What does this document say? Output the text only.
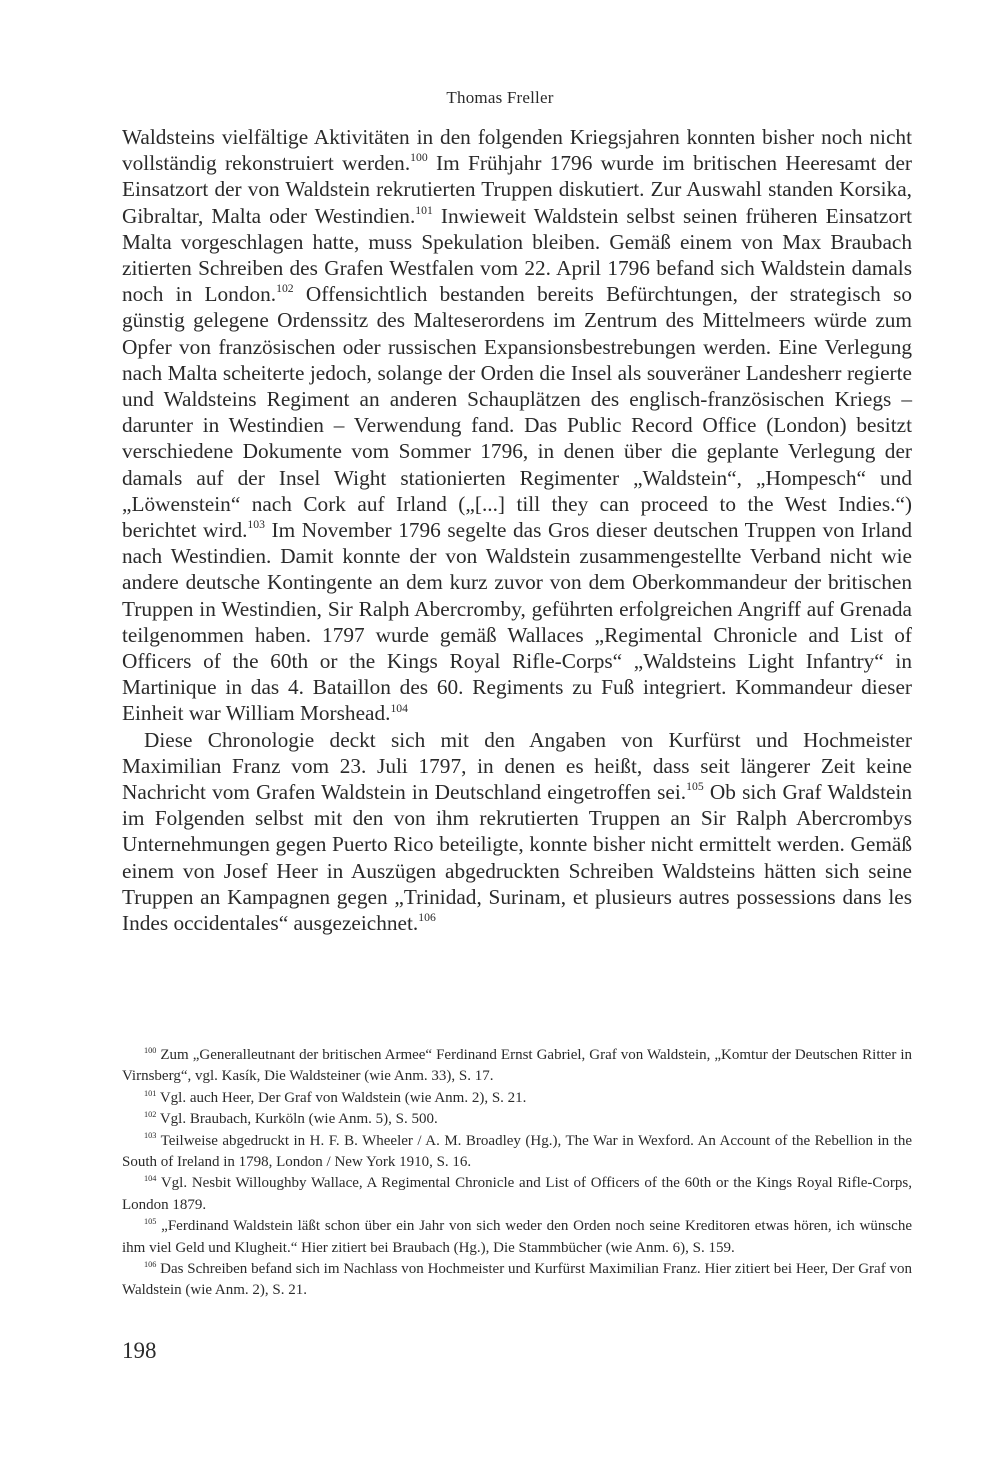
Thomas Freller

Waldsteins vielfältige Aktivitäten in den folgenden Kriegsjahren konnten bisher noch nicht vollständig rekonstruiert werden.$^{100}$ Im Frühjahr 1796 wurde im britischen Heeresamt der Einsatzort der von Waldstein rekrutierten Truppen diskutiert. Zur Auswahl standen Korsika, Gibraltar, Malta oder Westindien.$^{101}$ Inwieweit Waldstein selbst seinen früheren Einsatzort Malta vorgeschlagen hatte, muss Spekulation bleiben. Gemäß einem von Max Braubach zitierten Schreiben des Grafen Westfalen vom 22. April 1796 befand sich Waldstein damals noch in London.$^{102}$ Offensichtlich bestanden bereits Befürchtungen, der strategisch so günstig gelegene Ordenssitz des Malteserordens im Zentrum des Mittelmeers würde zum Opfer von französischen oder russischen Expansionsbestrebungen werden. Eine Verlegung nach Malta scheiterte jedoch, solange der Orden die Insel als souveräner Landesherr regierte und Waldsteins Regiment an anderen Schauplätzen des englisch-französischen Kriegs – darunter in Westindien – Verwendung fand. Das Public Record Office (London) besitzt verschiedene Dokumente vom Sommer 1796, in denen über die geplante Verlegung der damals auf der Insel Wight stationierten Regimenter „Waldstein“, „Hompesch“ und „Löwenstein“ nach Cork auf Irland („[...] till they can proceed to the West Indies.“) berichtet wird.$^{103}$ Im November 1796 segelte das Gros dieser deutschen Truppen von Irland nach Westindien. Damit konnte der von Waldstein zusammengestellte Verband nicht wie andere deutsche Kontingente an dem kurz zuvor von dem Oberkommandeur der britischen Truppen in Westindien, Sir Ralph Abercromby, geführten erfolgreichen Angriff auf Grenada teilgenommen haben. 1797 wurde gemäß Wallaces „Regimental Chronicle and List of Officers of the 60th or the Kings Royal Rifle-Corps“ „Waldsteins Light Infantry“ in Martinique in das 4. Bataillon des 60. Regiments zu Fuß integriert. Kommandeur dieser Einheit war William Morshead.$^{104}$

Diese Chronologie deckt sich mit den Angaben von Kurfürst und Hochmeister Maximilian Franz vom 23. Juli 1797, in denen es heißt, dass seit längerer Zeit keine Nachricht vom Grafen Waldstein in Deutschland eingetroffen sei.$^{105}$ Ob sich Graf Waldstein im Folgenden selbst mit den von ihm rekrutierten Truppen an Sir Ralph Abercrombys Unternehmungen gegen Puerto Rico beteiligte, konnte bisher nicht ermittelt werden. Gemäß einem von Josef Heer in Auszügen abgedruckten Schreiben Waldsteins hätten sich seine Truppen an Kampagnen gegen „Trinidad, Surinam, et plusieurs autres possessions dans les Indes occidentales“ ausgezeichnet.$^{106}$

$^{100}$ Zum „Generalleutnant der britischen Armee“ Ferdinand Ernst Gabriel, Graf von Waldstein, „Komtur der Deutschen Ritter in Virnsberg“, vgl. Kasík, Die Waldsteiner (wie Anm. 33), S. 17.

$^{101}$ Vgl. auch Heer, Der Graf von Waldstein (wie Anm. 2), S. 21.

$^{102}$ Vgl. Braubach, Kurköln (wie Anm. 5), S. 500.

$^{103}$ Teilweise abgedruckt in H. F. B. Wheeler / A. M. Broadley (Hg.), The War in Wexford. An Account of the Rebellion in the South of Ireland in 1798, London / New York 1910, S. 16.

$^{104}$ Vgl. Nesbit Willoughby Wallace, A Regimental Chronicle and List of Officers of the 60th or the Kings Royal Rifle-Corps, London 1879.

$^{105}$ „Ferdinand Waldstein läßt schon über ein Jahr von sich weder den Orden noch seine Kreditoren etwas hören, ich wünsche ihm viel Geld und Klugheit.“ Hier zitiert bei Braubach (Hg.), Die Stammbücher (wie Anm. 6), S. 159.

$^{106}$ Das Schreiben befand sich im Nachlass von Hochmeister und Kurfürst Maximilian Franz. Hier zitiert bei Heer, Der Graf von Waldstein (wie Anm. 2), S. 21.

198
